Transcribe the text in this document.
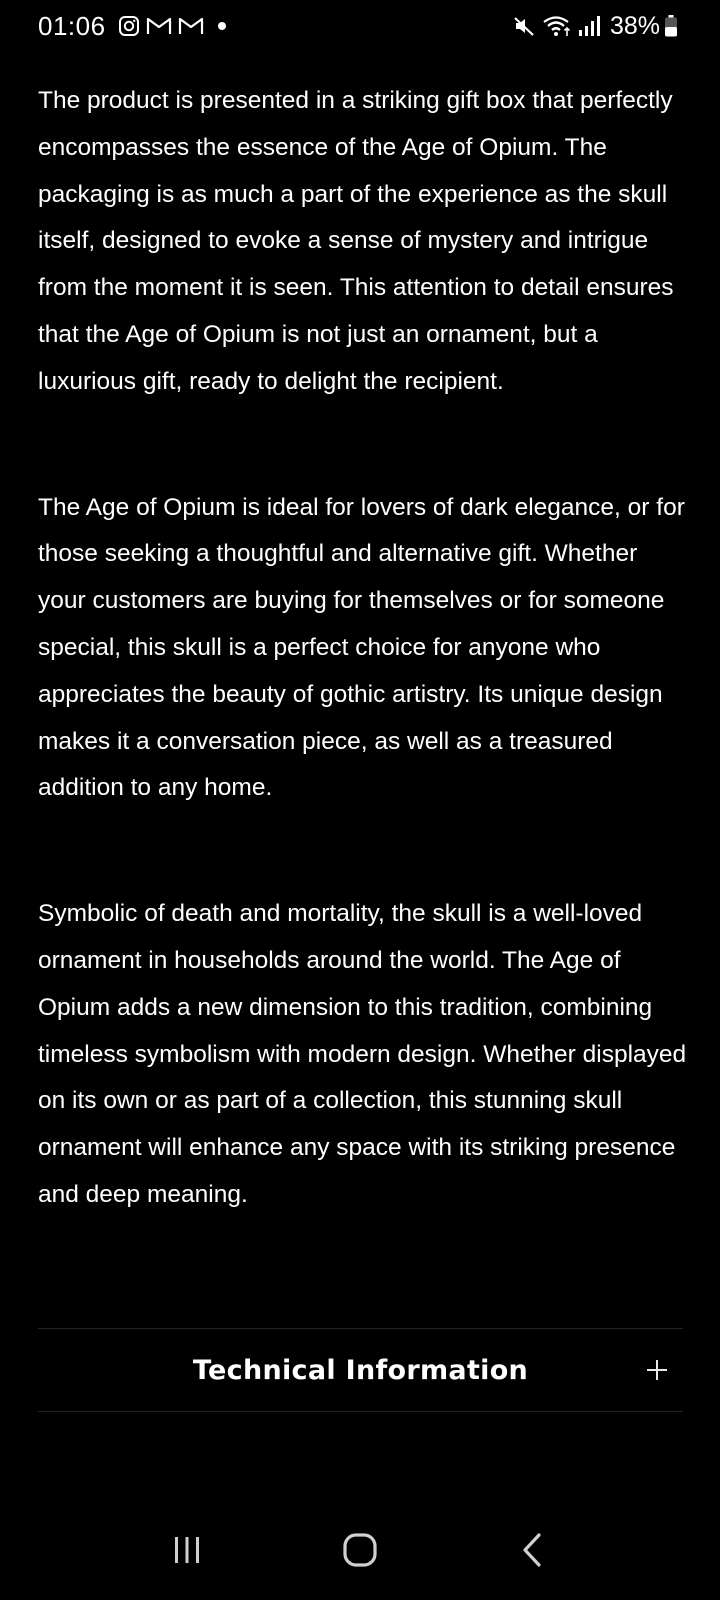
01:06	38%

The product is presented in a striking gift box that perfectly encompasses the essence of the Age of Opium. The packaging is as much a part of the experience as the skull itself, designed to evoke a sense of mystery and intrigue from the moment it is seen. This attention to detail ensures that the Age of Opium is not just an ornament, but a luxurious gift, ready to delight the recipient.

The Age of Opium is ideal for lovers of dark elegance, or for those seeking a thoughtful and alternative gift. Whether your customers are buying for themselves or for someone special, this skull is a perfect choice for anyone who appreciates the beauty of gothic artistry. Its unique design makes it a conversation piece, as well as a treasured addition to any home.

Symbolic of death and mortality, the skull is a well-loved ornament in households around the world. The Age of Opium adds a new dimension to this tradition, combining timeless symbolism with modern design. Whether displayed on its own or as part of a collection, this stunning skull ornament will enhance any space with its striking presence and deep meaning.

Technical Information
